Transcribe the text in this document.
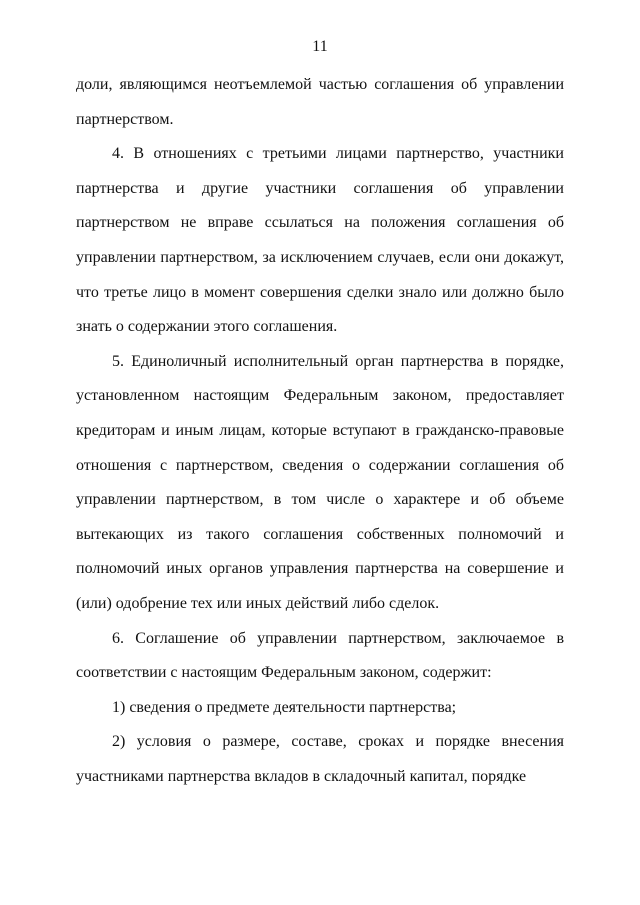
11

доли, являющимся неотъемлемой частью соглашения об управлении партнерством.

4. В отношениях с третьими лицами партнерство, участники партнерства и другие участники соглашения об управлении партнерством не вправе ссылаться на положения соглашения об управлении партнерством, за исключением случаев, если они докажут, что третье лицо в момент совершения сделки знало или должно было знать о содержании этого соглашения.

5. Единоличный исполнительный орган партнерства в порядке, установленном настоящим Федеральным законом, предоставляет кредиторам и иным лицам, которые вступают в гражданско-правовые отношения с партнерством, сведения о содержании соглашения об управлении партнерством, в том числе о характере и об объеме вытекающих из такого соглашения собственных полномочий и полномочий иных органов управления партнерства на совершение и (или) одобрение тех или иных действий либо сделок.

6. Соглашение об управлении партнерством, заключаемое в соответствии с настоящим Федеральным законом, содержит:

1) сведения о предмете деятельности партнерства;

2) условия о размере, составе, сроках и порядке внесения участниками партнерства вкладов в складочный капитал, порядке
